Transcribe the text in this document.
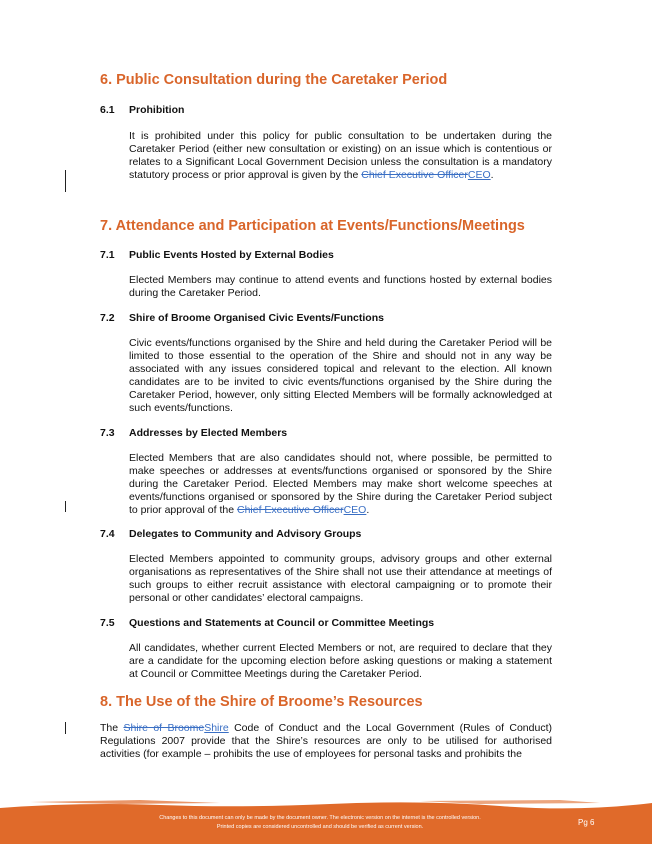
6. Public Consultation during the Caretaker Period
6.1 Prohibition

It is prohibited under this policy for public consultation to be undertaken during the Caretaker Period (either new consultation or existing) on an issue which is contentious or relates to a Significant Local Government Decision unless the consultation is a mandatory statutory process or prior approval is given by the Chief Executive OfficerCEO.

7. Attendance and Participation at Events/Functions/Meetings
7.1 Public Events Hosted by External Bodies

Elected Members may continue to attend events and functions hosted by external bodies during the Caretaker Period.

7.2 Shire of Broome Organised Civic Events/Functions

Civic events/functions organised by the Shire and held during the Caretaker Period will be limited to those essential to the operation of the Shire and should not in any way be associated with any issues considered topical and relevant to the election. All known candidates are to be invited to civic events/functions organised by the Shire during the Caretaker Period, however, only sitting Elected Members will be formally acknowledged at such events/functions.

7.3 Addresses by Elected Members

Elected Members that are also candidates should not, where possible, be permitted to make speeches or addresses at events/functions organised or sponsored by the Shire during the Caretaker Period. Elected Members may make short welcome speeches at events/functions organised or sponsored by the Shire during the Caretaker Period subject to prior approval of the Chief Executive OfficerCEO.

7.4 Delegates to Community and Advisory Groups

Elected Members appointed to community groups, advisory groups and other external organisations as representatives of the Shire shall not use their attendance at meetings of such groups to either recruit assistance with electoral campaigning or to promote their personal or other candidates’ electoral campaigns.

7.5 Questions and Statements at Council or Committee Meetings

All candidates, whether current Elected Members or not, are required to declare that they are a candidate for the upcoming election before asking questions or making a statement at Council or Committee Meetings during the Caretaker Period.

8. The Use of the Shire of Broome’s Resources

The Shire of BroomeShire Code of Conduct and the Local Government (Rules of Conduct) Regulations 2007 provide that the Shire’s resources are only to be utilised for authorised activities (for example – prohibits the use of employees for personal tasks and prohibits the

Changes to this document can only be made by the document owner. The electronic version on the internet is the controlled version.
Printed copies are considered uncontrolled and should be verified as current version.	Pg 6
